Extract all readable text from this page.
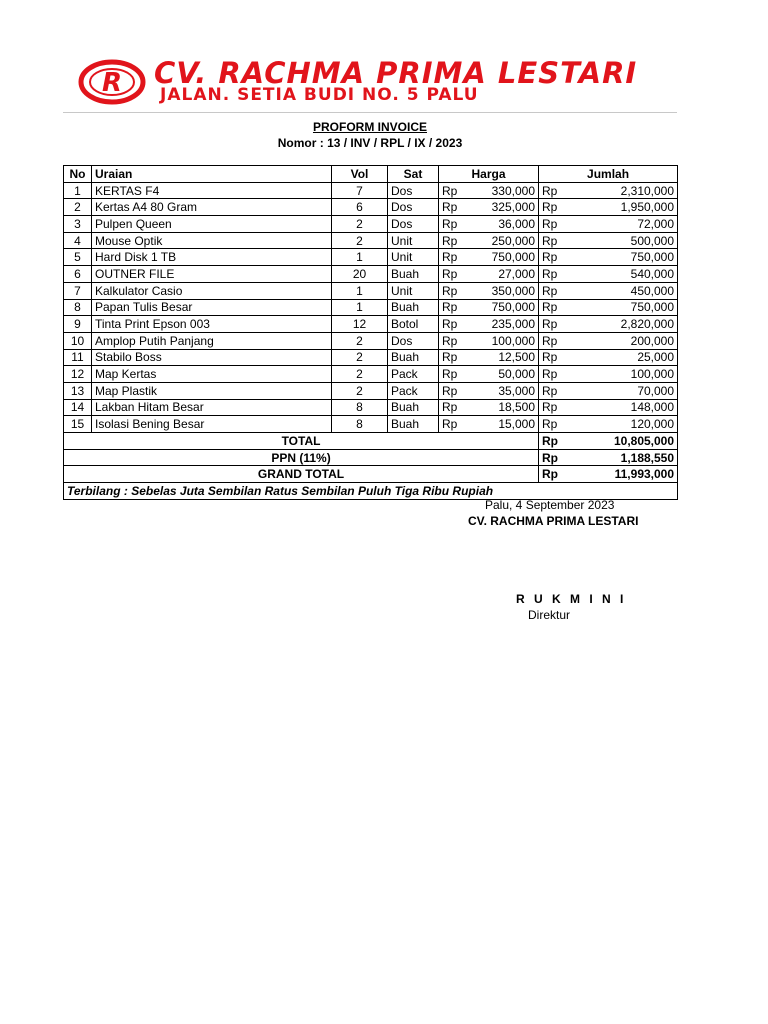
R CV. RACHMA PRIMA LESTARI
JALAN. SETIA BUDI NO. 5 PALU
PROFORM INVOICE
Nomor : 13 / INV / RPL / IX / 2023
No	Uraian	Vol	Sat	Harga		Jumlah	
1	KERTAS F4	7	Dos	Rp	330,000	Rp	2,310,000
2	Kertas A4 80 Gram	6	Dos	Rp	325,000	Rp	1,950,000
3	Pulpen Queen	2	Dos	Rp	36,000	Rp	72,000
4	Mouse Optik	2	Unit	Rp	250,000	Rp	500,000
5	Hard Disk 1 TB	1	Unit	Rp	750,000	Rp	750,000
6	OUTNER FILE	20	Buah	Rp	27,000	Rp	540,000
7	Kalkulator Casio	1	Unit	Rp	350,000	Rp	450,000
8	Papan Tulis Besar	1	Buah	Rp	750,000	Rp	750,000
9	Tinta Print Epson 003	12	Botol	Rp	235,000	Rp	2,820,000
10	Amplop Putih Panjang	2	Dos	Rp	100,000	Rp	200,000
11	Stabilo Boss	2	Buah	Rp	12,500	Rp	25,000
12	Map Kertas	2	Pack	Rp	50,000	Rp	100,000
13	Map Plastik	2	Pack	Rp	35,000	Rp	70,000
14	Lakban Hitam Besar	8	Buah	Rp	18,500	Rp	148,000
15	Isolasi Bening Besar	8	Buah	Rp	15,000	Rp	120,000
TOTAL						Rp	10,805,000
PPN (11%)						Rp	1,188,550
GRAND TOTAL						Rp	11,993,000
Terbilang : Sebelas Juta Sembilan Ratus Sembilan Puluh Tiga Ribu Rupiah							
Palu, 4 September 2023
CV. RACHMA PRIMA LESTARI
R U K M I N I
Direktur
